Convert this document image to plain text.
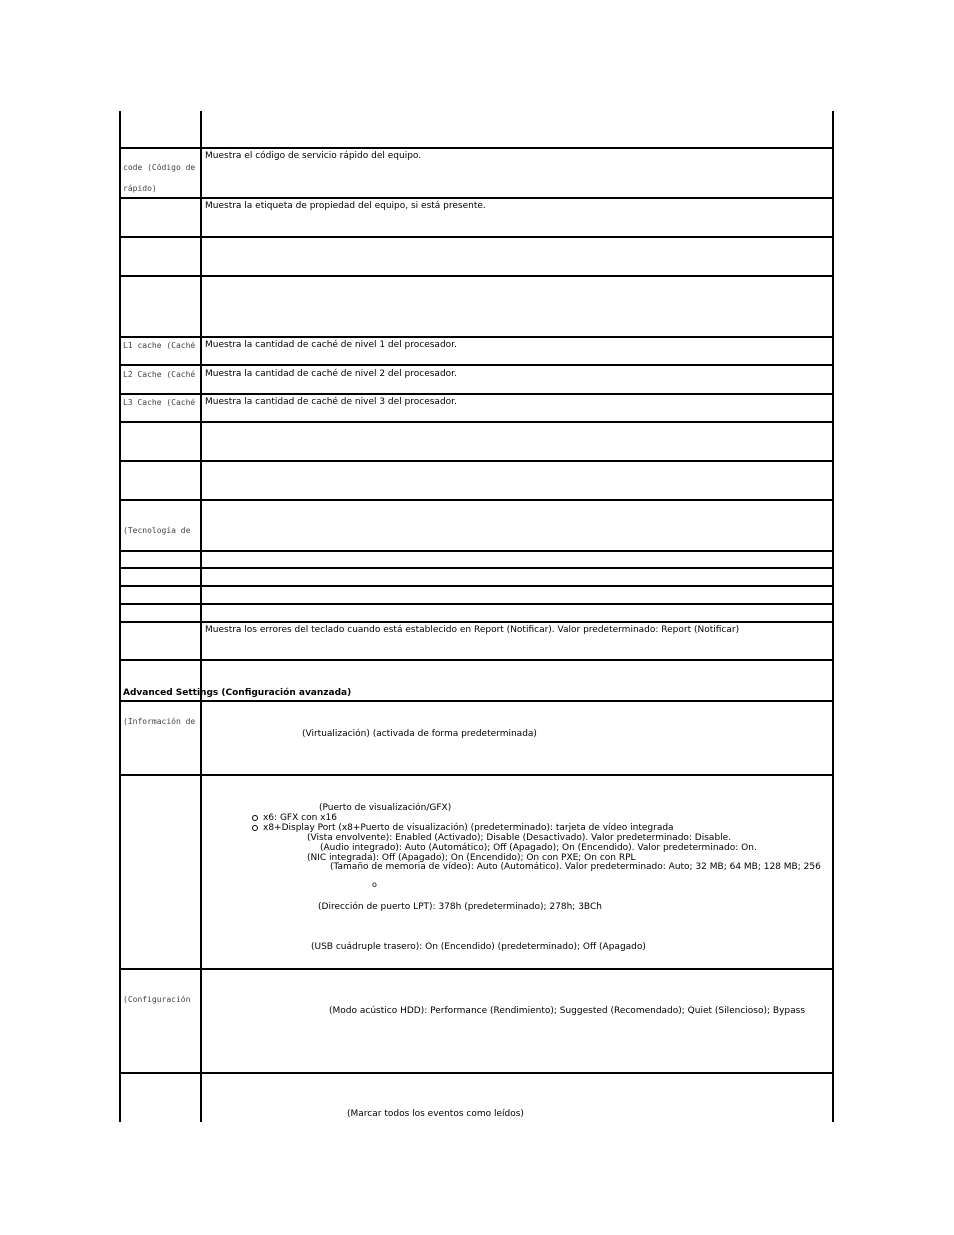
code (Código de
rápido)
Muestra el código de servicio rápido del equipo.
Muestra la etiqueta de propiedad del equipo, si está presente.
L1 cache (Caché Muestra la cantidad de caché de nivel 1 del procesador.
L2 Cache (Caché Muestra la cantidad de caché de nivel 2 del procesador.
L3 Cache (Caché Muestra la cantidad de caché de nivel 3 del procesador.
(Tecnología de
Muestra los errores del teclado cuando está establecido en Report (Notificar). Valor predeterminado: Report (Notificar)
Advanced Settings (Configuración avanzada)
(Información de
(Virtualización) (activada de forma predeterminada)
(Puerto de visualización/GFX)
x6: GFX con x16
x8+Display Port (x8+Puerto de visualización) (predeterminado): tarjeta de vídeo integrada
(Vista envolvente): Enabled (Activado); Disable (Desactivado). Valor predeterminado: Disable.
(Audio integrado): Auto (Automático); Off (Apagado); On (Encendido). Valor predeterminado: On.
(NIC integrada): Off (Apagado); On (Encendido); On con PXE; On con RPL
(Tamaño de memoria de vídeo): Auto (Automático). Valor predeterminado: Auto; 32 MB; 64 MB; 128 MB; 256
o
(Dirección de puerto LPT): 378h (predeterminado); 278h; 3BCh
(USB cuádruple trasero): On (Encendido) (predeterminado); Off (Apagado)
(Configuración
(Modo acústico HDD): Performance (Rendimiento); Suggested (Recomendado); Quiet (Silencioso); Bypass
(Marcar todos los eventos como leídos)
